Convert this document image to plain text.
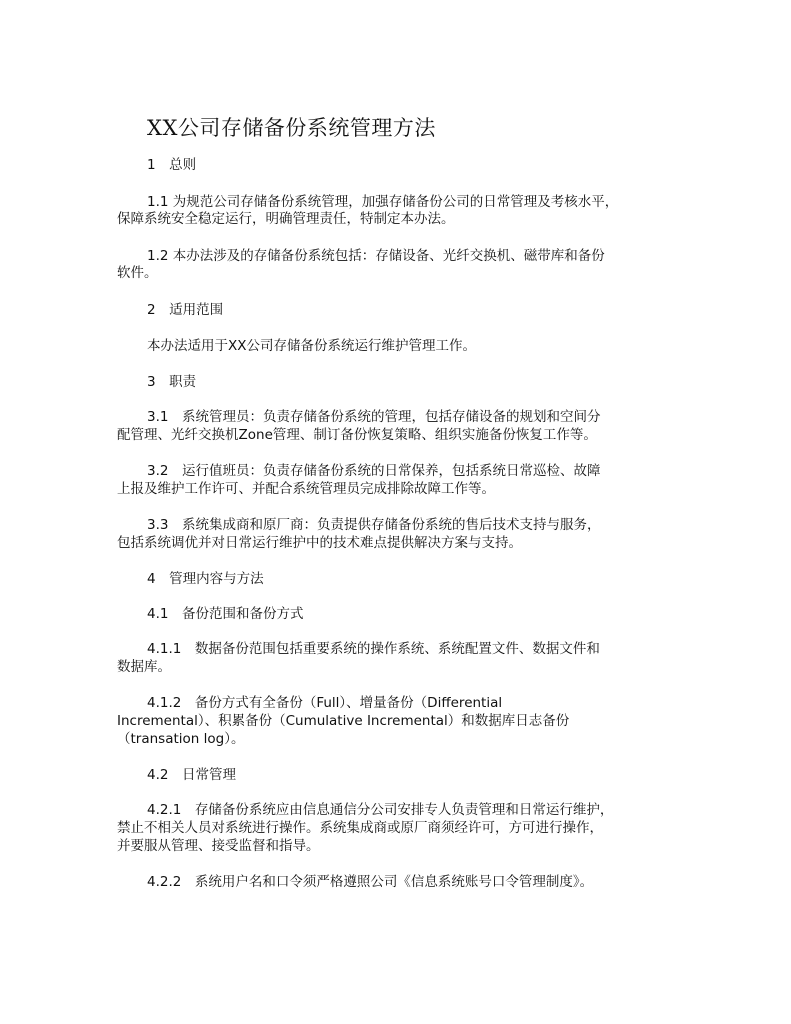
XX公司存储备份系统管理方法
1　总则
1.1 为规范公司存储备份系统管理，加强存储备份公司的日常管理及考核水平，
保障系统安全稳定运行，明确管理责任，特制定本办法。
1.2 本办法涉及的存储备份系统包括：存储设备、光纤交换机、磁带库和备份
软件。
2　适用范围
本办法适用于XX公司存储备份系统运行维护管理工作。
3　职责
3.1　系统管理员：负责存储备份系统的管理，包括存储设备的规划和空间分
配管理、光纤交换机Zone管理、制订备份恢复策略、组织实施备份恢复工作等。
3.2　运行值班员：负责存储备份系统的日常保养，包括系统日常巡检、故障
上报及维护工作许可、并配合系统管理员完成排除故障工作等。
3.3　系统集成商和原厂商：负责提供存储备份系统的售后技术支持与服务，
包括系统调优并对日常运行维护中的技术难点提供解决方案与支持。
4　管理内容与方法
4.1　备份范围和备份方式
4.1.1　数据备份范围包括重要系统的操作系统、系统配置文件、数据文件和
数据库。
4.1.2　备份方式有全备份（Full）、增量备份（Differential
Incremental）、积累备份（Cumulative Incremental）和数据库日志备份
（transation log）。
4.2　日常管理
4.2.1　存储备份系统应由信息通信分公司安排专人负责管理和日常运行维护，
禁止不相关人员对系统进行操作。系统集成商或原厂商须经许可，方可进行操作，
并要服从管理、接受监督和指导。
4.2.2　系统用户名和口令须严格遵照公司《信息系统账号口令管理制度》。
